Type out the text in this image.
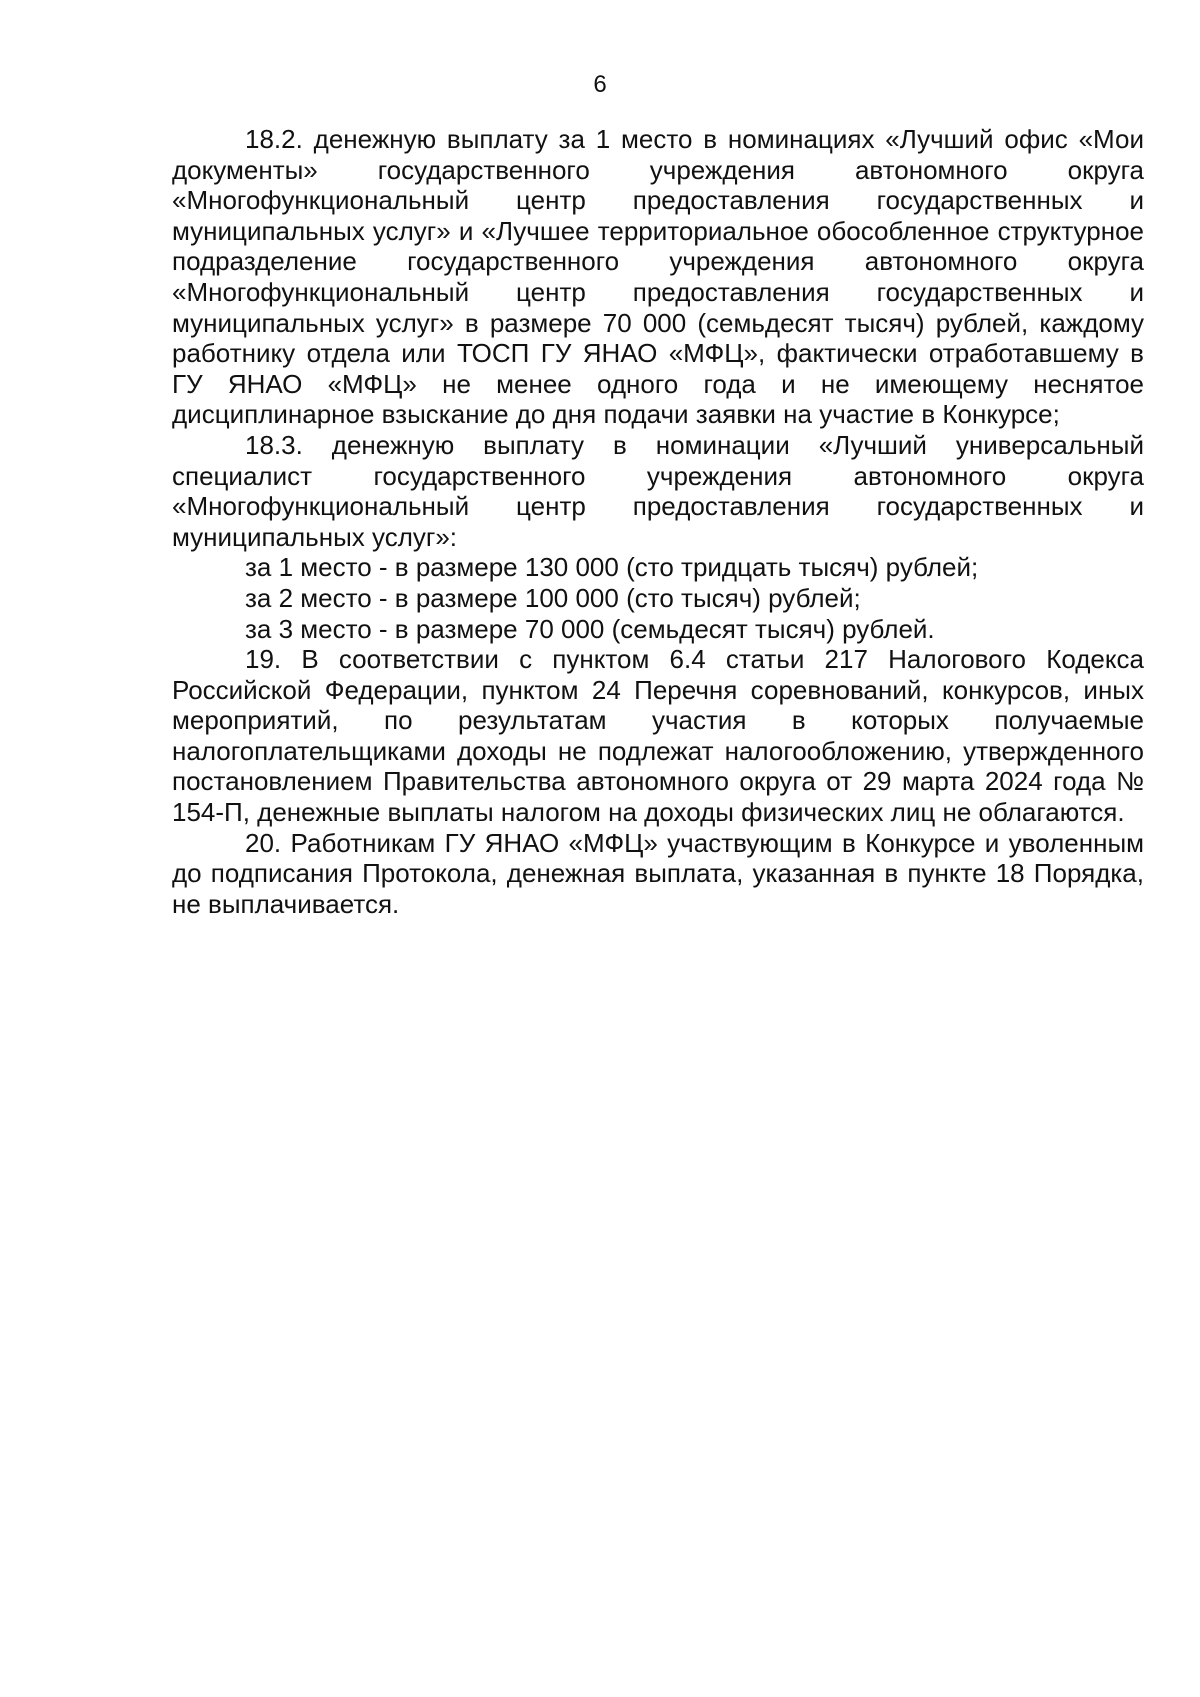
6

18.2. денежную выплату за 1 место в номинациях «Лучший офис «Мои документы» государственного учреждения автономного округа «Многофункциональный центр предоставления государственных и муниципальных услуг» и «Лучшее территориальное обособленное структурное подразделение государственного учреждения автономного округа «Многофункциональный центр предоставления государственных и муниципальных услуг» в размере 70 000 (семьдесят тысяч) рублей, каждому работнику отдела или ТОСП ГУ ЯНАО «МФЦ», фактически отработавшему в ГУ ЯНАО «МФЦ» не менее одного года и не имеющему неснятое дисциплинарное взыскание до дня подачи заявки на участие в Конкурсе;

18.3. денежную выплату в номинации «Лучший универсальный специалист государственного учреждения автономного округа «Многофункциональный центр предоставления государственных и муниципальных услуг»:

за 1 место - в размере 130 000 (сто тридцать тысяч) рублей;

за 2 место - в размере 100 000 (сто тысяч) рублей;

за 3 место - в размере 70 000 (семьдесят тысяч) рублей.

19. В соответствии с пунктом 6.4 статьи 217 Налогового Кодекса Российской Федерации, пунктом 24 Перечня соревнований, конкурсов, иных мероприятий, по результатам участия в которых получаемые налогоплательщиками доходы не подлежат налогообложению, утвержденного постановлением Правительства автономного округа от 29 марта 2024 года № 154-П, денежные выплаты налогом на доходы физических лиц не облагаются.

20. Работникам ГУ ЯНАО «МФЦ» участвующим в Конкурсе и уволенным до подписания Протокола, денежная выплата, указанная в пункте 18 Порядка, не выплачивается.
